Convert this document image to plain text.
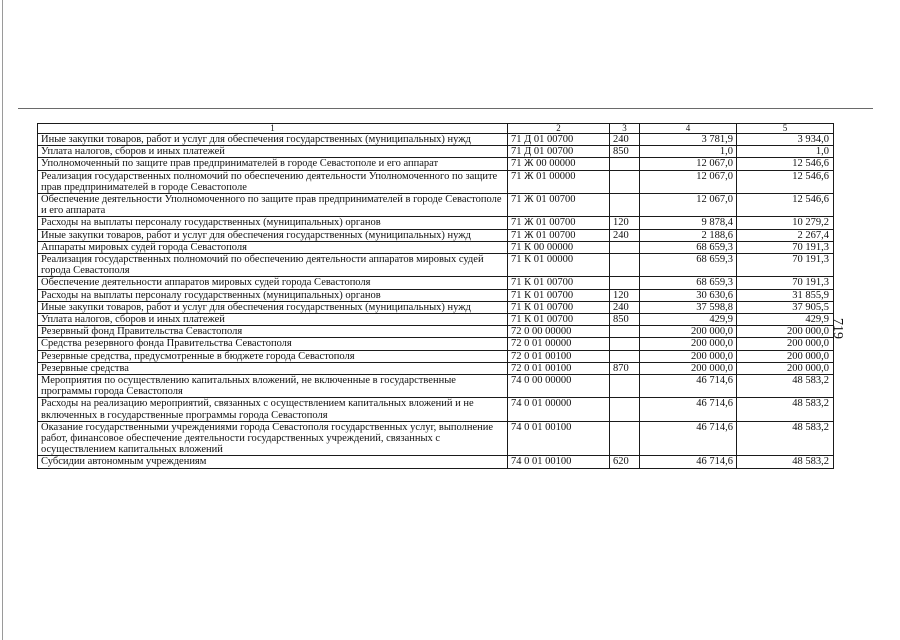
719
1	2	3	4	5
Иные закупки товаров, работ и услуг для обеспечения государственных (муниципальных) нужд	71 Д 01 00700	240	3 781,9	3 934,0
Уплата налогов, сборов и иных платежей	71 Д 01 00700	850	1,0	1,0
Уполномоченный по защите прав предпринимателей в городе Севастополе и его аппарат	71 Ж 00 00000		12 067,0	12 546,6
Реализация государственных полномочий по обеспечению деятельности Уполномоченного по защите прав предпринимателей в городе Севастополе	71 Ж 01 00000		12 067,0	12 546,6
Обеспечение деятельности Уполномоченного по защите прав предпринимателей в городе Севастополе и его аппарата	71 Ж 01 00700		12 067,0	12 546,6
Расходы на выплаты персоналу государственных (муниципальных) органов	71 Ж 01 00700	120	9 878,4	10 279,2
Иные закупки товаров, работ и услуг для обеспечения государственных (муниципальных) нужд	71 Ж 01 00700	240	2 188,6	2 267,4
Аппараты мировых судей города Севастополя	71 К 00 00000		68 659,3	70 191,3
Реализация государственных полномочий по обеспечению деятельности аппаратов мировых судей города Севастополя	71 К 01 00000		68 659,3	70 191,3
Обеспечение деятельности аппаратов мировых судей города Севастополя	71 К 01 00700		68 659,3	70 191,3
Расходы на выплаты персоналу государственных (муниципальных) органов	71 К 01 00700	120	30 630,6	31 855,9
Иные закупки товаров, работ и услуг для обеспечения государственных (муниципальных) нужд	71 К 01 00700	240	37 598,8	37 905,5
Уплата налогов, сборов и иных платежей	71 К 01 00700	850	429,9	429,9
Резервный фонд Правительства Севастополя	72 0 00 00000		200 000,0	200 000,0
Средства резервного фонда Правительства Севастополя	72 0 01 00000		200 000,0	200 000,0
Резервные средства, предусмотренные в бюджете города Севастополя	72 0 01 00100		200 000,0	200 000,0
Резервные средства	72 0 01 00100	870	200 000,0	200 000,0
Мероприятия по осуществлению капитальных вложений, не включенные в государственные программы города Севастополя	74 0 00 00000		46 714,6	48 583,2
Расходы на реализацию мероприятий, связанных с осуществлением капитальных вложений и не включенных в государственные программы города Севастополя	74 0 01 00000		46 714,6	48 583,2
Оказание государственными учреждениями города Севастополя государственных услуг, выполнение работ, финансовое обеспечение деятельности государственных учреждений, связанных с осуществлением капитальных вложений	74 0 01 00100		46 714,6	48 583,2
Субсидии автономным учреждениям	74 0 01 00100	620	46 714,6	48 583,2
